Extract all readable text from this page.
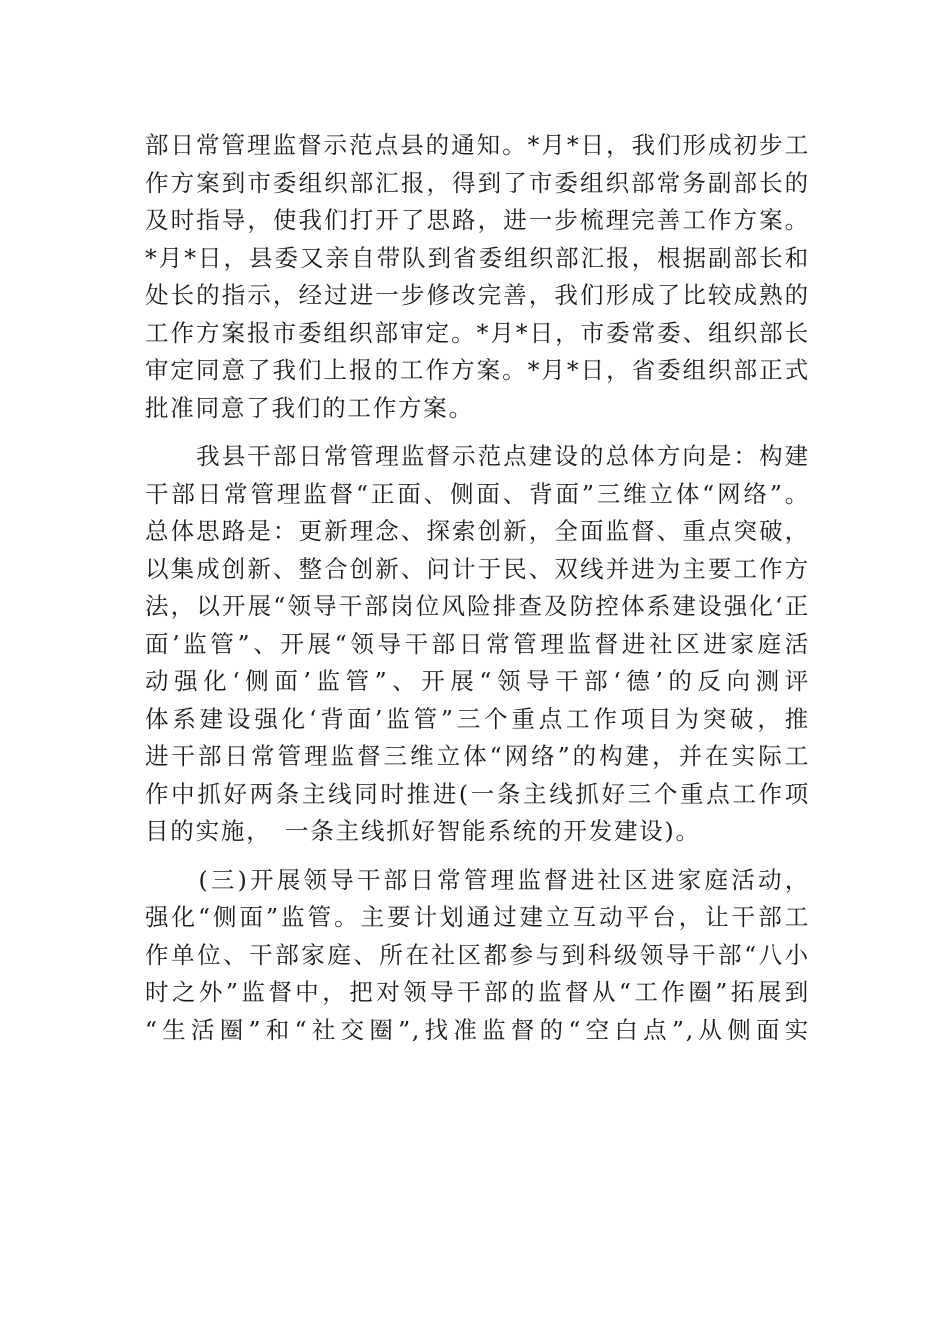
部日常管理监督示范点县的通知。*月*日，我们形成初步工
作方案到市委组织部汇报，得到了市委组织部常务副部长的
及时指导，使我们打开了思路，进一步梳理完善工作方案。
*月*日，县委又亲自带队到省委组织部汇报，根据副部长和
处长的指示，经过进一步修改完善，我们形成了比较成熟的
工作方案报市委组织部审定。*月*日，市委常委、组织部长
审定同意了我们上报的工作方案。*月*日，省委组织部正式
批准同意了我们的工作方案。
　　我县干部日常管理监督示范点建设的总体方向是：构建
干部日常管理监督“正面、侧面、背面”三维立体“网络”。
总体思路是：更新理念、探索创新，全面监督、重点突破，
以集成创新、整合创新、问计于民、双线并进为主要工作方
法，以开展“领导干部岗位风险排查及防控体系建设强化‘正
面’监管”、开展“领导干部日常管理监督进社区进家庭活
动强化‘侧面’监管”、开展“领导干部‘德’的反向测评
体系建设强化‘背面’监管”三个重点工作项目为突破，推
进干部日常管理监督三维立体“网络”的构建，并在实际工
作中抓好两条主线同时推进(一条主线抓好三个重点工作项
目的实施，　一条主线抓好智能系统的开发建设)。
　　(三)开展领导干部日常管理监督进社区进家庭活动，
强化“侧面”监管。主要计划通过建立互动平台，让干部工
作单位、干部家庭、所在社区都参与到科级领导干部“八小
时之外”监督中，把对领导干部的监督从“工作圈”拓展到
“生活圈”和“社交圈”,找准监督的“空白点”,从侧面实
